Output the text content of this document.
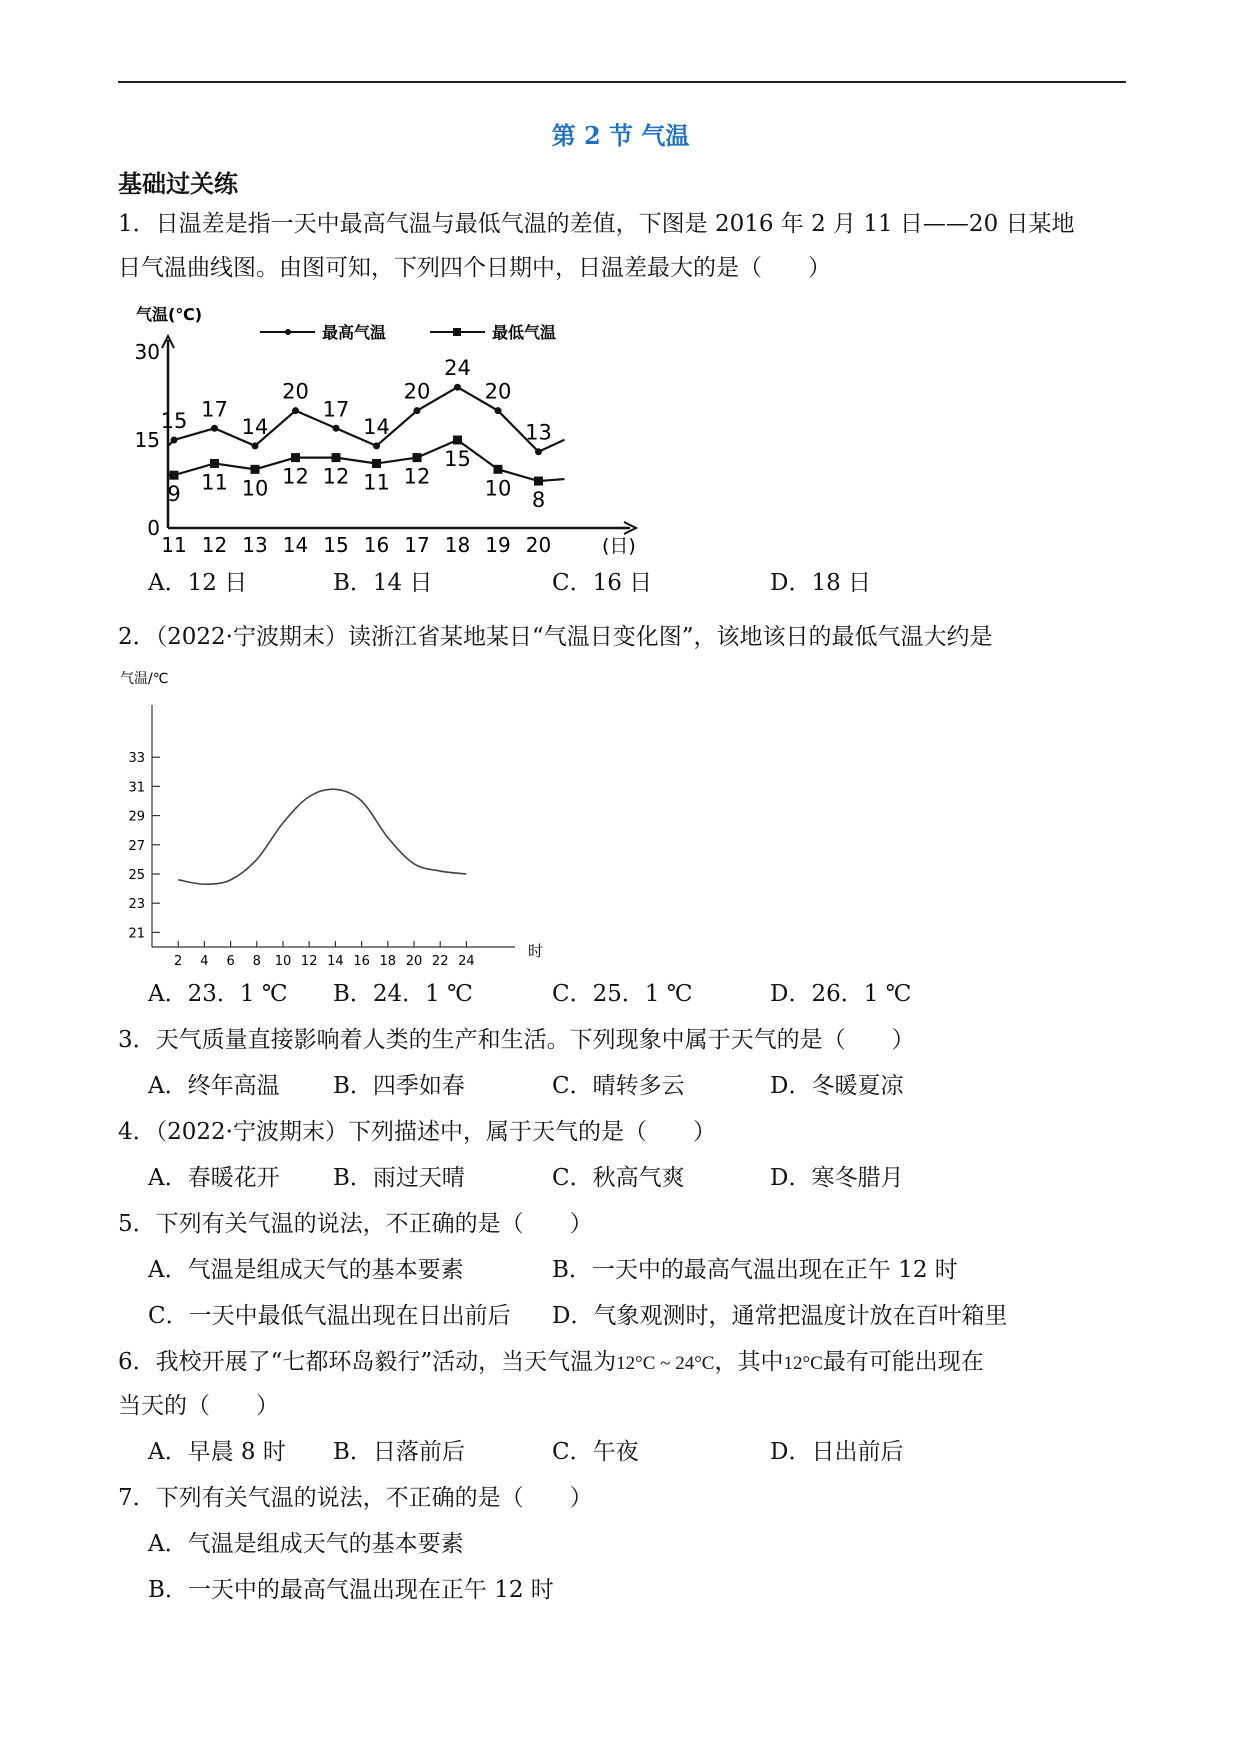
第 2 节 气温
基础过关练
1．日温差是指一天中最高气温与最低气温的差值，下图是 2016 年 2 月 11 日——20 日某地
日气温曲线图。由图可知，下列四个日期中，日温差最大的是（　　）
气温(℃)
最高气温	最低气温
0
15
30
12 13 14 15 16 17 18 19 20
11
17
14
20
17
14
20
24
20
13
15
11 10 12 12 11 12
15
10 8
9
(日)
A．12 日	B．14 日	C．16 日	D．18 日
2．（2022·宁波期末）读浙江省某地某日“气温日变化图”，该地该日的最低气温大约是
气温/℃
21
23
25
27
29
31
33
2 4 6 8 10 12 14 16 18 20 22 24
时
A．23．1 ℃ B．24．1 ℃	C．25．1 ℃	D．26．1 ℃
3．天气质量直接影响着人类的生产和生活。下列现象中属于天气的是（　　）
A．终年高温 B．四季如春	C．晴转多云	D．冬暖夏凉
4．（2022·宁波期末）下列描述中，属于天气的是（　　）
A．春暖花开 B．雨过天晴	C．秋高气爽	D．寒冬腊月
5．下列有关气温的说法，不正确的是（　　）
A．气温是组成天气的基本要素	B．一天中的最高气温出现在正午 12 时
C．一天中最低气温出现在日出前后 D．气象观测时，通常把温度计放在百叶箱里
6．我校开展了“七都环岛毅行”活动，当天气温为12°C ~ 24°C，其中12°C最有可能出现在
当天的（　　）
A．早晨 8 时 B．日落前后	C．午夜	D．日出前后
7．下列有关气温的说法，不正确的是（　　）
A．气温是组成天气的基本要素
B．一天中的最高气温出现在正午 12 时
